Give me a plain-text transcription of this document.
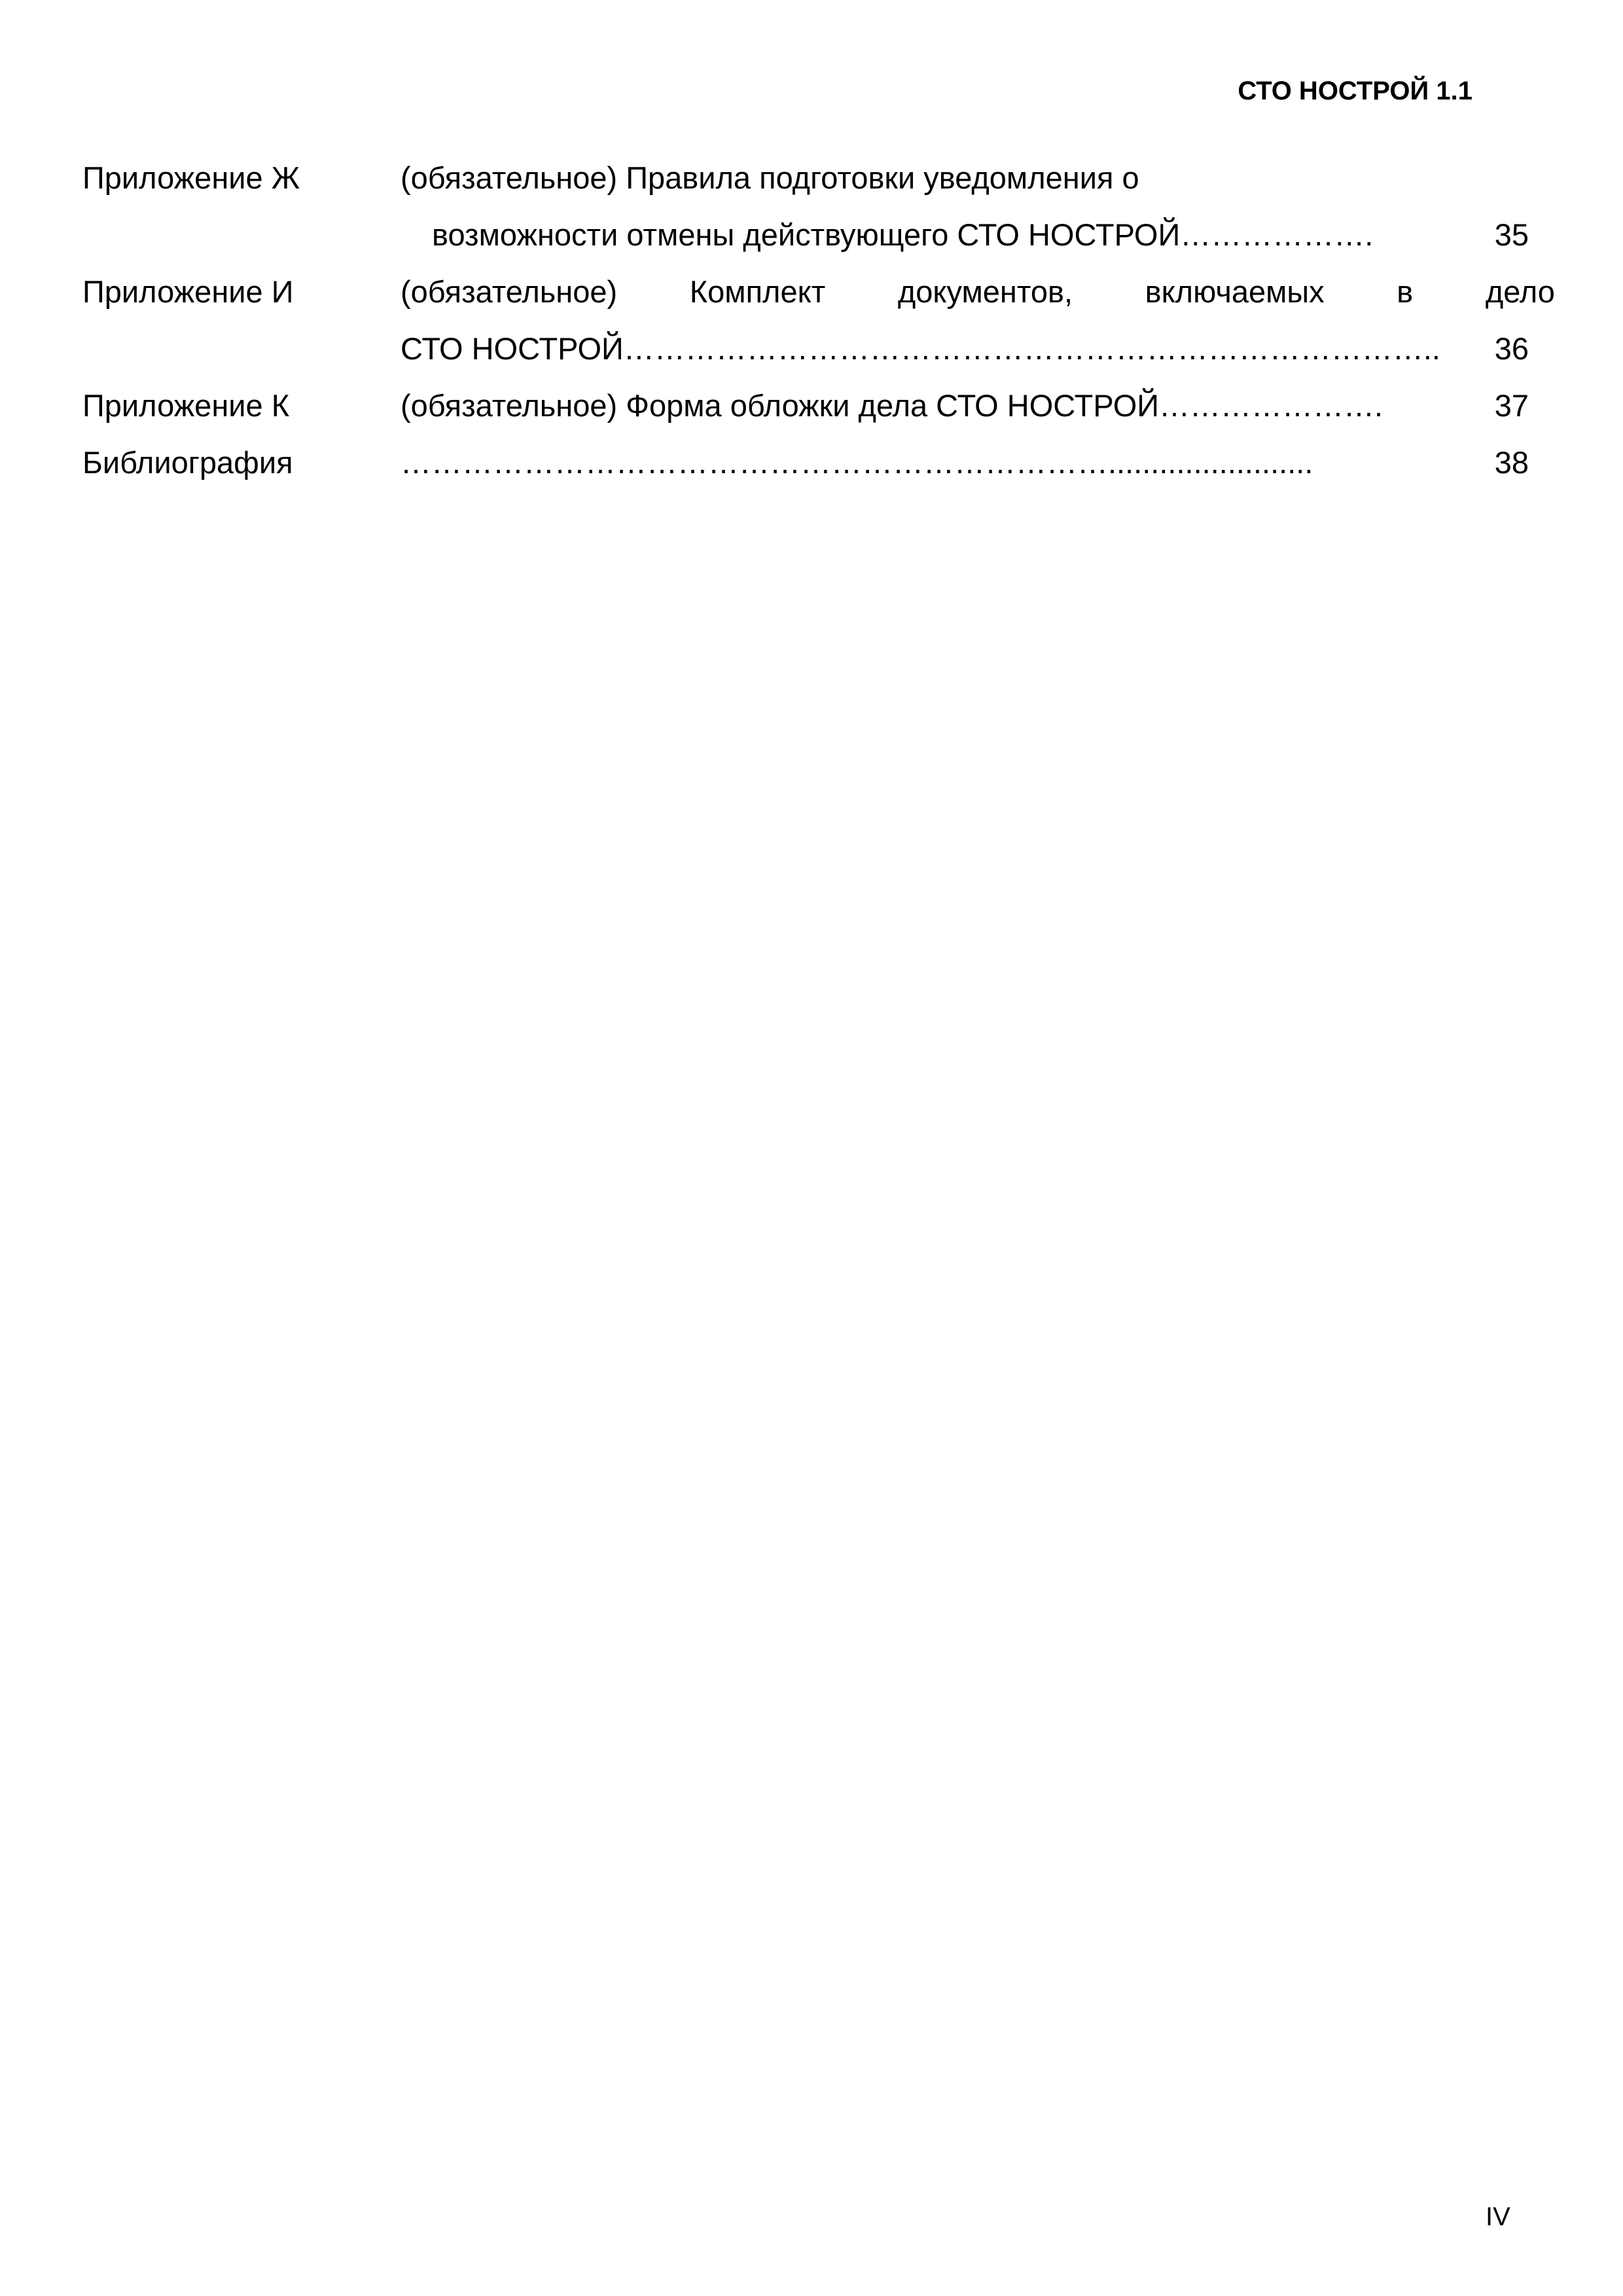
СТО НОСТРОЙ 1.1
Приложение Ж	(обязательное) Правила подготовки уведомления о
возможности отмены действующего СТО НОСТРОЙ……………….	35
Приложение И	(обязательное) Комплект документов, включаемых в дело
СТО НОСТРОЙ……………………………………………………………………..	36
Приложение К	(обязательное) Форма обложки дела СТО НОСТРОЙ………………….	37
Библиография	……………………………………………………………........................	38
IV
